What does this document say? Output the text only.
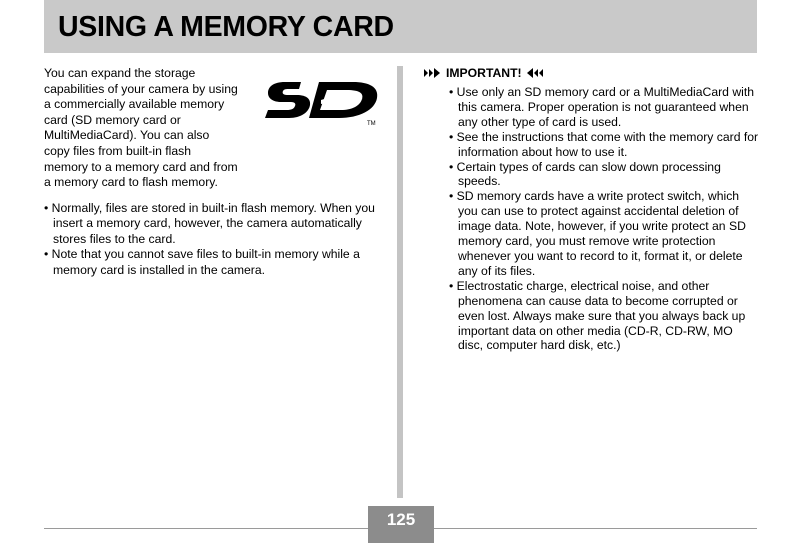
USING A MEMORY CARD

You can expand the storage
capabilities of your camera by using
a commercially available memory
card (SD memory card or
MultiMediaCard). You can also
copy files from built-in flash
memory to a memory card and from
a memory card to flash memory.

TM
• Normally, files are stored in built-in flash memory. When you insert a memory card, however, the camera automatically stores files to the card.
• Note that you cannot save files to built-in memory while a memory card is installed in the camera.
IMPORTANT!
• Use only an SD memory card or a MultiMediaCard with this camera. Proper operation is not guaranteed when any other type of card is used.
• See the instructions that come with the memory card for information about how to use it.
• Certain types of cards can slow down processing speeds.
• SD memory cards have a write protect switch, which you can use to protect against accidental deletion of image data. Note, however, if you write protect an SD memory card, you must remove write protection whenever you want to record to it, format it, or delete any of its files.
• Electrostatic charge, electrical noise, and other phenomena can cause data to become corrupted or even lost. Always make sure that you always back up important data on other media (CD-R, CD-RW, MO disc, computer hard disk, etc.)
125
